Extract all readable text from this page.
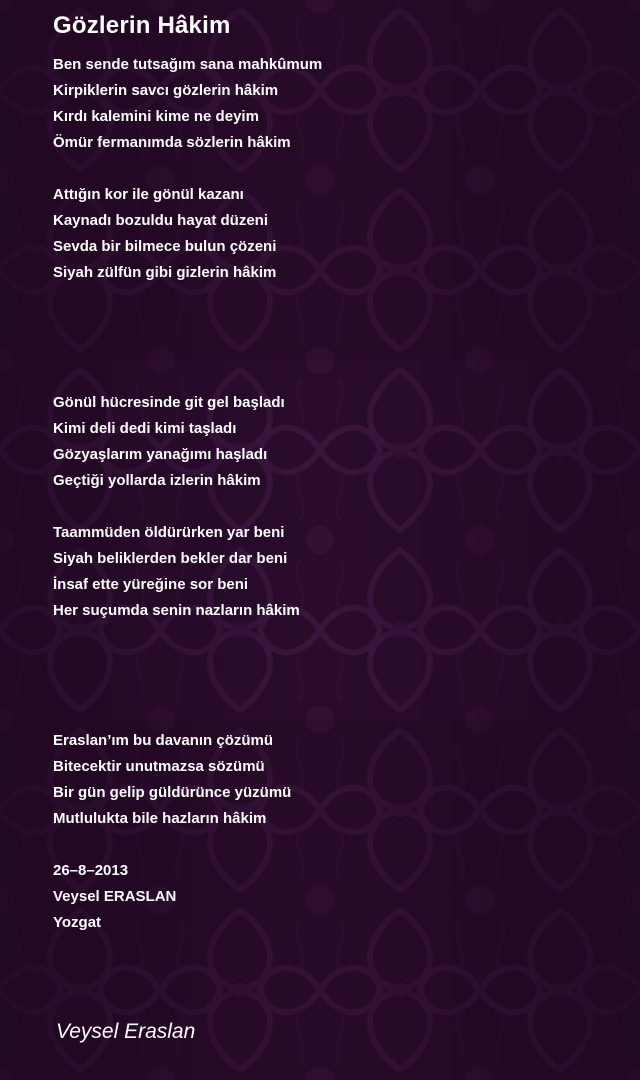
Gözlerin Hâkim
Ben sende tutsağım sana mahkûmum
Kirpiklerin savcı gözlerin hâkim
Kırdı kalemini kime ne deyim
Ömür fermanımda sözlerin hâkim
Attığın kor ile gönül kazanı
Kaynadı bozuldu hayat düzeni
Sevda bir bilmece bulun çözeni
Siyah zülfün gibi gizlerin hâkim
Gönül hücresinde git gel başladı
Kimi deli dedi kimi taşladı
Gözyaşlarım yanağımı haşladı
Geçtiği yollarda izlerin hâkim
Taammüden öldürürken yar beni
Siyah beliklerden bekler dar beni
İnsaf ette yüreğine sor beni
Her suçumda senin nazların hâkim
Eraslan’ım bu davanın çözümü
Bitecektir unutmazsa sözümü
Bir gün gelip güldürünce yüzümü
Mutlulukta bile hazların hâkim
26–8–2013
Veysel ERASLAN
Yozgat
Veysel Eraslan
